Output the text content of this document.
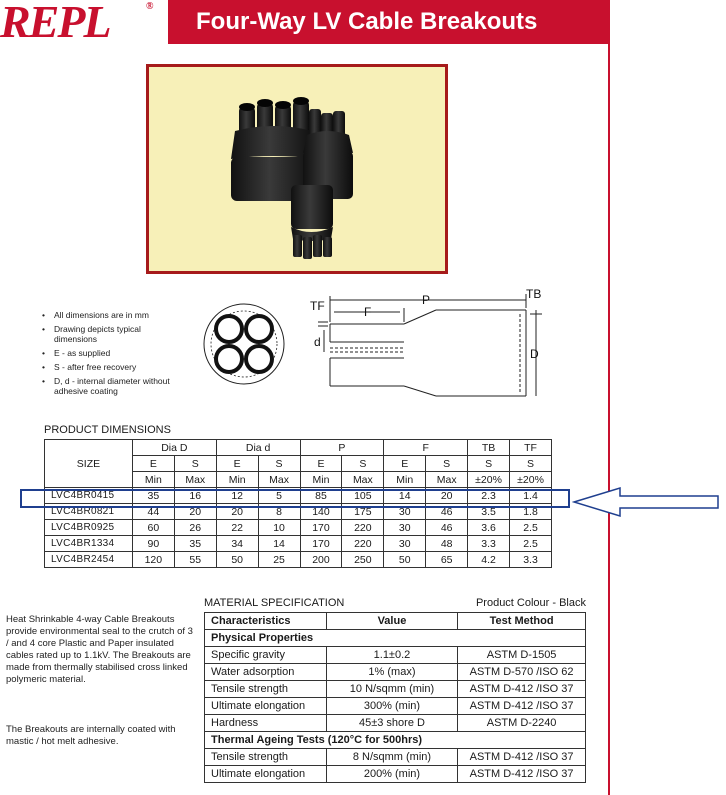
REPL	®
Four-Way LV Cable Breakouts
• All dimensions are in mm
• Drawing depicts typical dimensions
• E - as supplied
• S - after free recovery
• D, d - internal diameter without adhesive coating
TF	F
P	TB
d
D
PRODUCT DIMENSIONS
SIZE	Dia D		Dia d		P		F		TB	TF
	E	S	E	S	E	S	E	S	S	S
	Min	Max	Min	Max	Min	Max	Min	Max	±20%	±20%
LVC4BR0415	35	16	12	5	85	105	14	20	2.3	1.4
LVC4BR0821	44	20	20	8	140	175	30	46	3.5	1.8
LVC4BR0925	60	26	22	10	170	220	30	46	3.6	2.5
LVC4BR1334	90	35	34	14	170	220	30	48	3.3	2.5
LVC4BR2454	120	55	50	25	200	250	50	65	4.2	3.3
Heat Shrinkable 4-way Cable Breakouts provide environmental seal to the crutch of 3 / and 4 core Plastic and Paper insulated cables rated up to 1.1kV. The Breakouts are made from thermally stabilised cross linked polymeric material.
The Breakouts are internally coated with mastic / hot melt adhesive.
MATERIAL SPECIFICATION	Product Colour - Black
Characteristics	Value	Test Method
Physical Properties		
Specific gravity	1.1±0.2	ASTM D-1505
Water adsorption	1% (max)	ASTM D-570 /ISO 62
Tensile strength	10 N/sqmm (min)	ASTM D-412 /ISO 37
Ultimate elongation	300% (min)	ASTM D-412 /ISO 37
Hardness	45±3 shore D	ASTM D-2240
Thermal Ageing Tests (120°C for 500hrs)		
Tensile strength	8 N/sqmm (min)	ASTM D-412 /ISO 37
Ultimate elongation	200% (min)	ASTM D-412 /ISO 37
